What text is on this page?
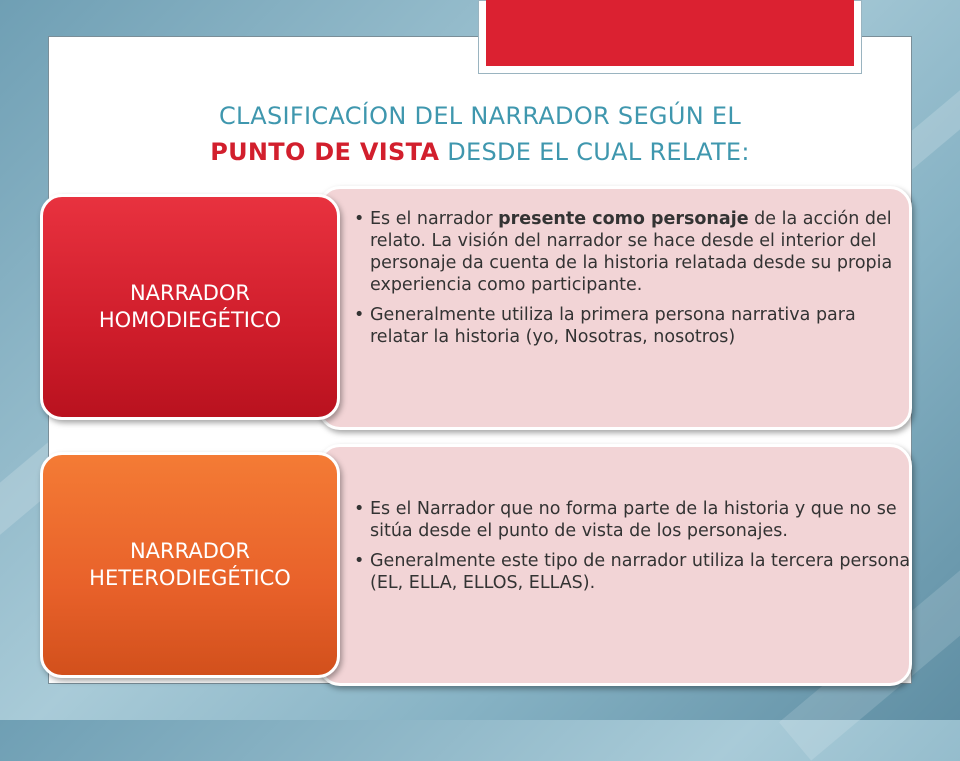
CLASIFICACÍON DEL NARRADOR SEGÚN EL
PUNTO DE VISTA DESDE EL CUAL RELATE:
NARRADOR
HOMODIEGÉTICO
• Es el narrador presente como personaje de la acción del relato. La visión del narrador se hace desde el interior del personaje da cuenta de la historia relatada desde su propia experiencia como participante.
• Generalmente utiliza la primera persona narrativa para relatar la historia (yo, Nosotras, nosotros)
NARRADOR
HETERODIEGÉTICO
• Es el Narrador que no forma parte de la historia y que no se sitúa desde el punto de vista de los personajes.
• Generalmente este tipo de narrador utiliza la tercera persona (EL, ELLA, ELLOS, ELLAS).
